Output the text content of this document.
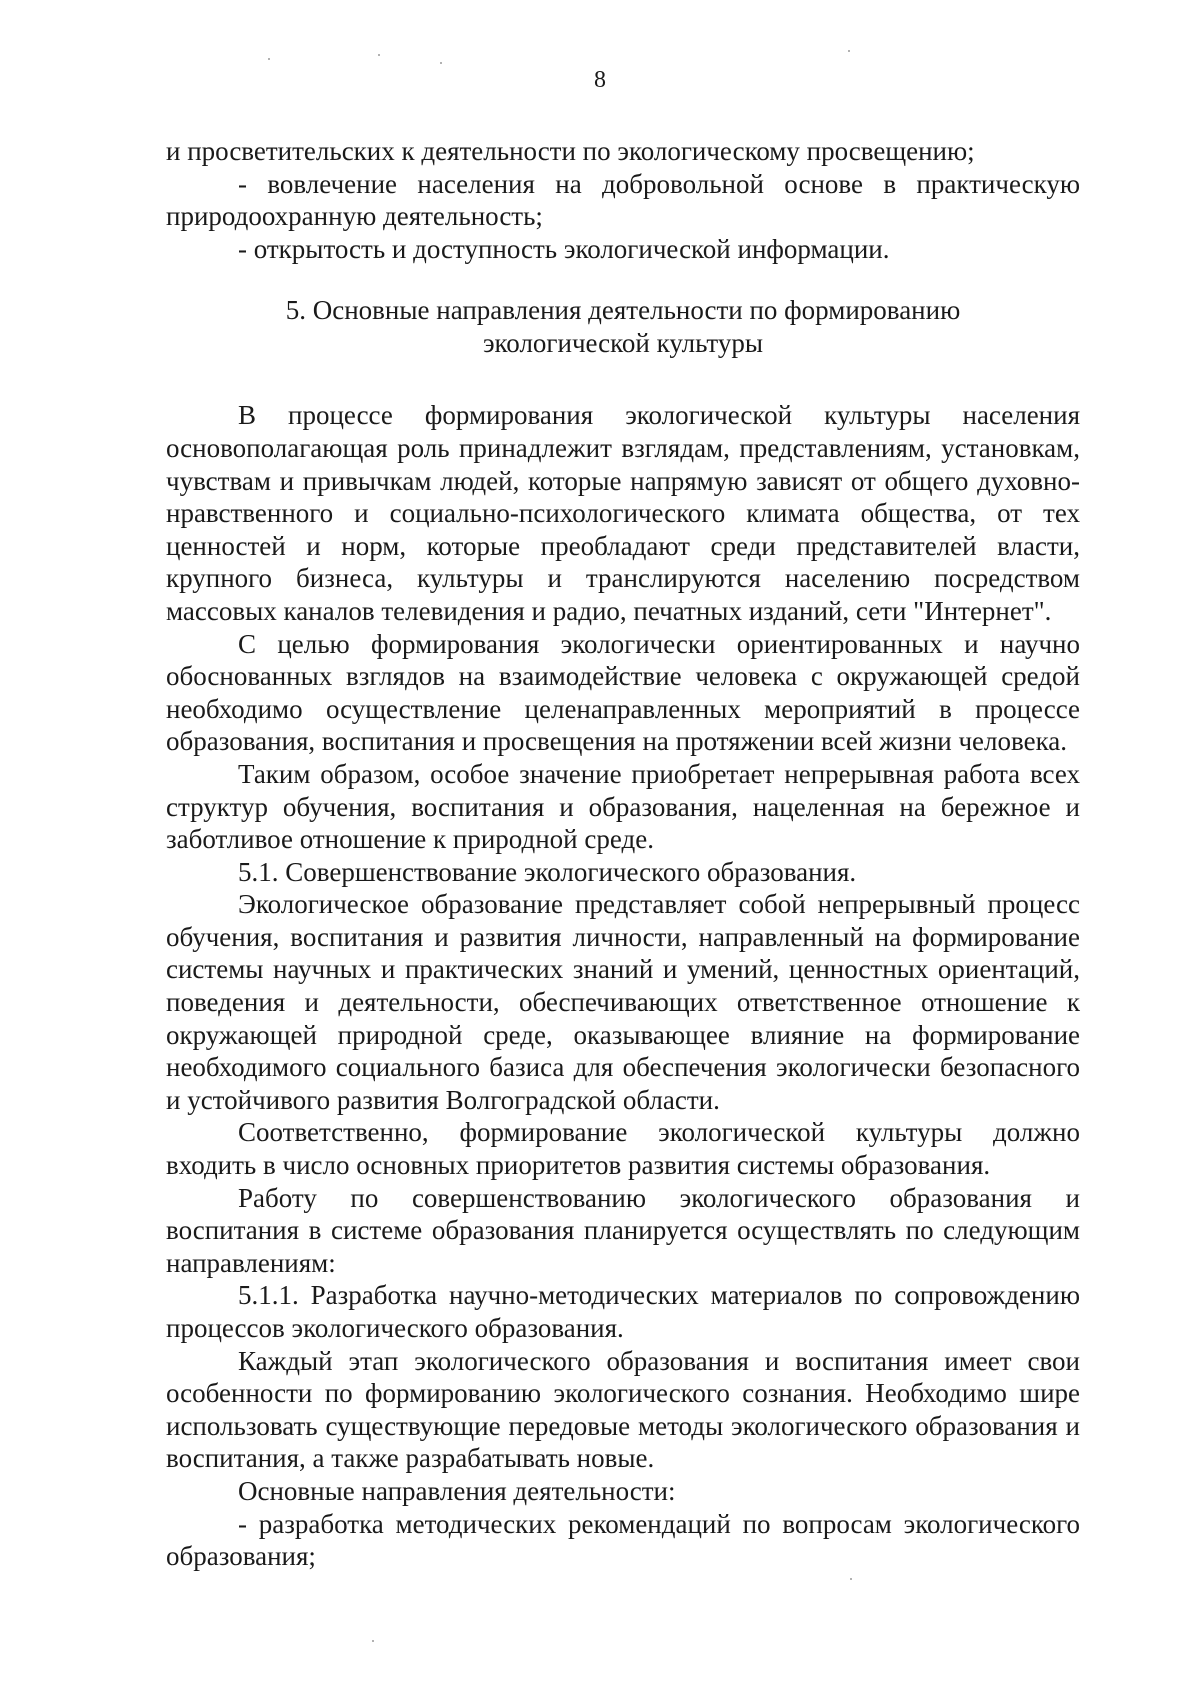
8

и просветительских к деятельности по экологическому просвещению;

- вовлечение населения на добровольной основе в практическую природоохранную деятельность;

- открытость и доступность экологической информации.

5. Основные направления деятельности по формированию
экологической культуры

В процессе формирования экологической культуры населения основополагающая роль принадлежит взглядам, представлениям, установкам, чувствам и привычкам людей, которые напрямую зависят от общего духовно-нравственного и социально-психологического климата общества, от тех ценностей и норм, которые преобладают среди представителей власти, крупного бизнеса, культуры и транслируются населению посредством массовых каналов телевидения и радио, печатных изданий, сети "Интернет".

С целью формирования экологически ориентированных и научно обоснованных взглядов на взаимодействие человека с окружающей средой необходимо осуществление целенаправленных мероприятий в процессе образования, воспитания и просвещения на протяжении всей жизни человека.

Таким образом, особое значение приобретает непрерывная работа всех структур обучения, воспитания и образования, нацеленная на бережное и заботливое отношение к природной среде.

5.1. Совершенствование экологического образования.

Экологическое образование представляет собой непрерывный процесс обучения, воспитания и развития личности, направленный на формирование системы научных и практических знаний и умений, ценностных ориентаций, поведения и деятельности, обеспечивающих ответственное отношение к окружающей природной среде, оказывающее влияние на формирование необходимого социального базиса для обеспечения экологически безопасного и устойчивого развития Волгоградской области.

Соответственно, формирование экологической культуры должно входить в число основных приоритетов развития системы образования.

Работу по совершенствованию экологического образования и воспитания в системе образования планируется осуществлять по следующим направлениям:

5.1.1. Разработка научно-методических материалов по сопровождению процессов экологического образования.

Каждый этап экологического образования и воспитания имеет свои особенности по формированию экологического сознания. Необходимо шире использовать существующие передовые методы экологического образования и воспитания, а также разрабатывать новые.

Основные направления деятельности:

- разработка методических рекомендаций по вопросам экологического образования;
